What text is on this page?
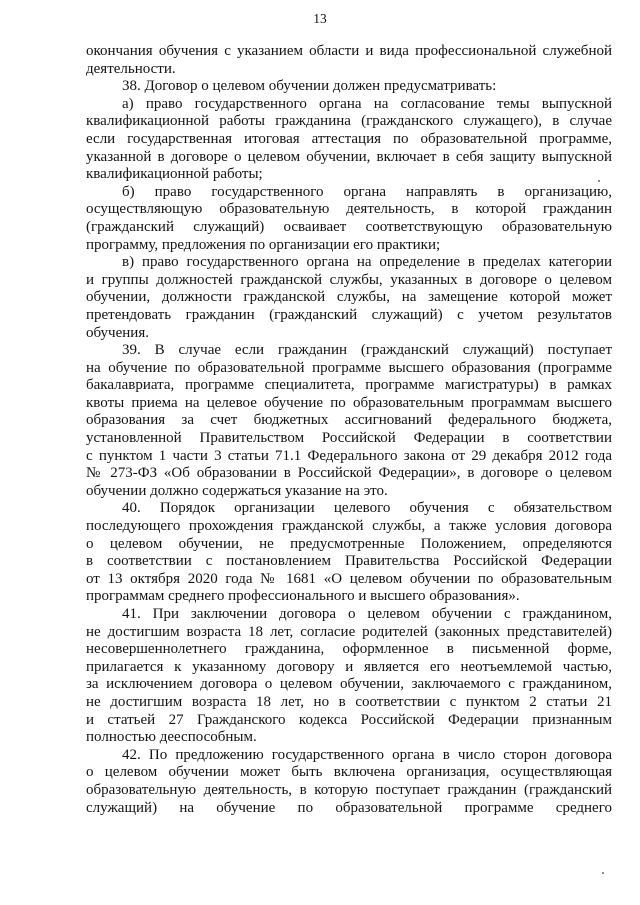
13
окончания обучения с указанием области и вида профессиональной служебной
деятельности.
38. Договор о целевом обучении должен предусматривать:
а) право государственного органа на согласование темы выпускной
квалификационной работы гражданина (гражданского служащего), в случае
если государственная итоговая аттестация по образовательной программе,
указанной в договоре о целевом обучении, включает в себя защиту выпускной
квалификационной работы;
б) право государственного органа направлять в организацию,
осуществляющую образовательную деятельность, в которой гражданин
(гражданский служащий) осваивает соответствующую образовательную
программу, предложения по организации его практики;
в) право государственного органа на определение в пределах категории
и группы должностей гражданской службы, указанных в договоре о целевом
обучении, должности гражданской службы, на замещение которой может
претендовать гражданин (гражданский служащий) с учетом результатов
обучения.
39. В случае если гражданин (гражданский служащий) поступает
на обучение по образовательной программе высшего образования (программе
бакалавриата, программе специалитета, программе магистратуры) в рамках
квоты приема на целевое обучение по образовательным программам высшего
образования за счет бюджетных ассигнований федерального бюджета,
установленной Правительством Российской Федерации в соответствии
с пунктом 1 части 3 статьи 71.1 Федерального закона от 29 декабря 2012 года
№ 273-ФЗ «Об образовании в Российской Федерации», в договоре о целевом
обучении должно содержаться указание на это.
40. Порядок организации целевого обучения с обязательством
последующего прохождения гражданской службы, а также условия договора
о целевом обучении, не предусмотренные Положением, определяются
в соответствии с постановлением Правительства Российской Федерации
от 13 октября 2020 года № 1681 «О целевом обучении по образовательным
программам среднего профессионального и высшего образования».
41. При заключении договора о целевом обучении с гражданином,
не достигшим возраста 18 лет, согласие родителей (законных представителей)
несовершеннолетнего гражданина, оформленное в письменной форме,
прилагается к указанному договору и является его неотъемлемой частью,
за исключением договора о целевом обучении, заключаемого с гражданином,
не достигшим возраста 18 лет, но в соответствии с пунктом 2 статьи 21
и статьей 27 Гражданского кодекса Российской Федерации признанным
полностью дееспособным.
42. По предложению государственного органа в число сторон договора
о целевом обучении может быть включена организация, осуществляющая
образовательную деятельность, в которую поступает гражданин (гражданский
служащий) на обучение по образовательной программе среднего
